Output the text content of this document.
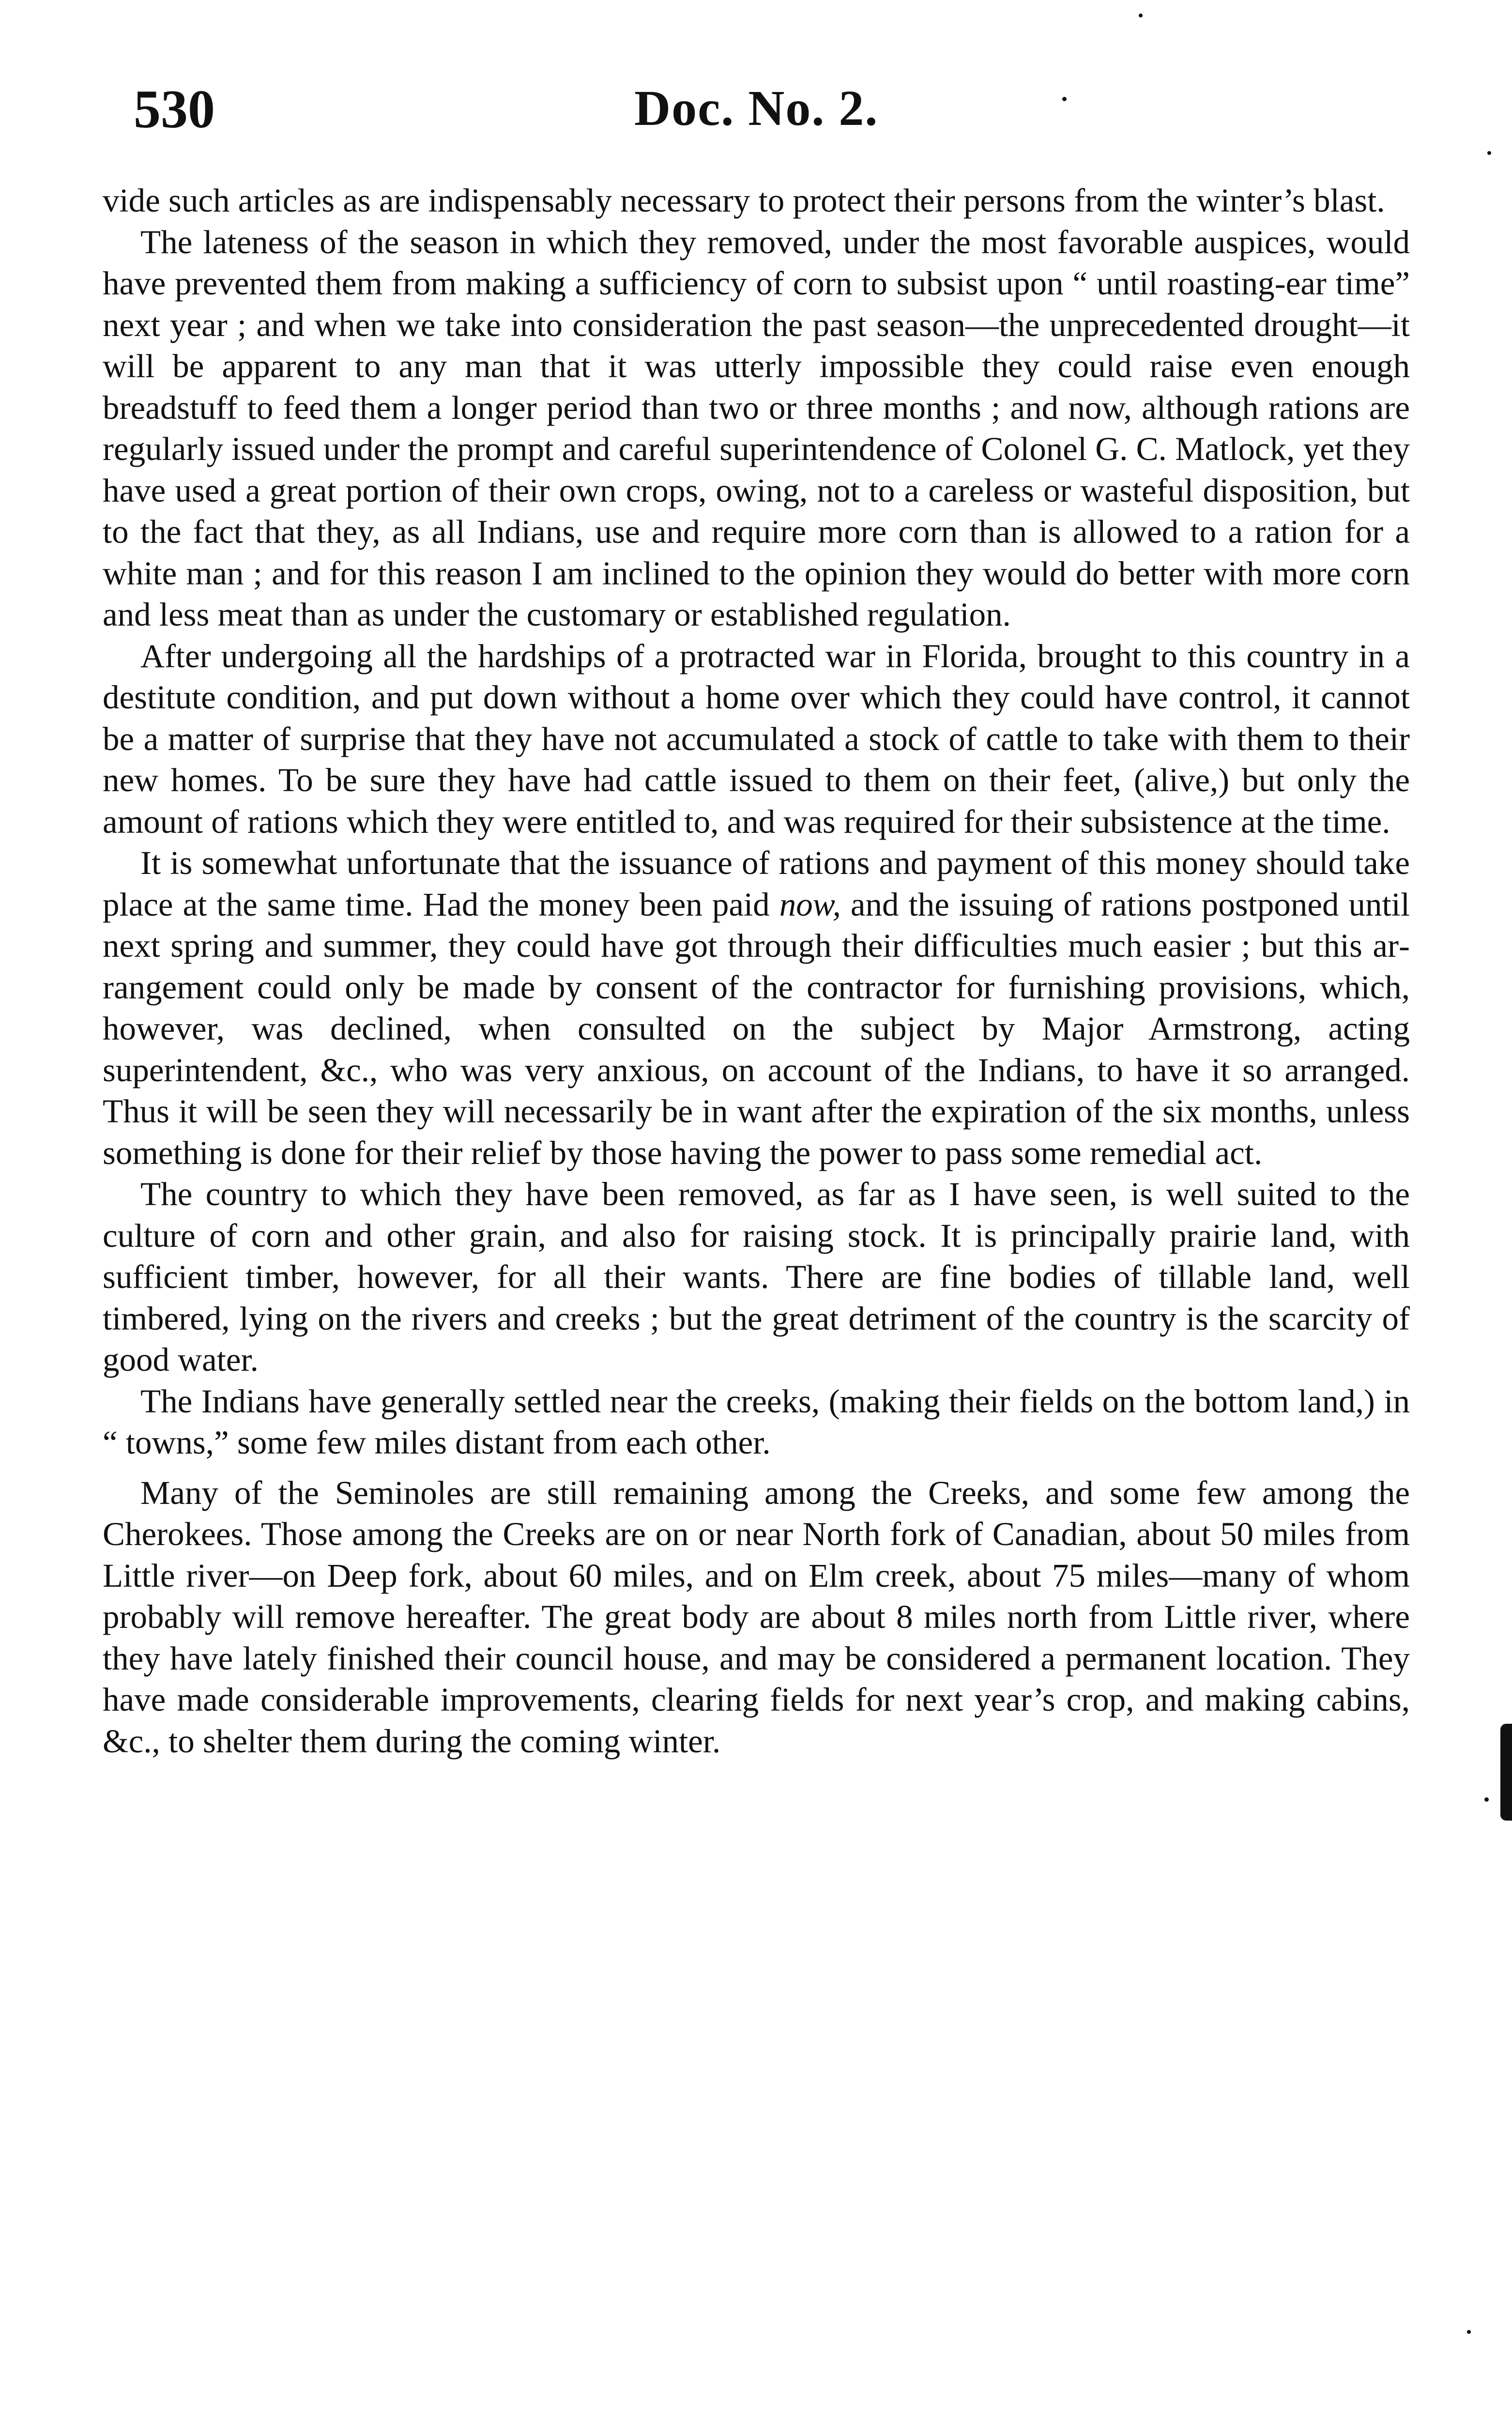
530	Doc. No. 2.

vide such articles as are indispensably necessary to protect their persons from the winter’s blast.

The lateness of the season in which they removed, under the most favorable auspices, would have prevented them from making a sufficiency of corn to subsist upon “ until roasting-ear time” next year ; and when we take into consideration the past season—the unprecedented drought—it will be apparent to any man that it was utterly impossible they could raise even enough breadstuff to feed them a longer period than two or three months ; and now, although rations are regularly issued under the prompt and careful superintendence of Colonel G. C. Matlock, yet they have used a great portion of their own crops, owing, not to a careless or wasteful disposition, but to the fact that they, as all Indians, use and require more corn than is allowed to a ration for a white man ; and for this reason I am inclined to the opinion they would do better with more corn and less meat than as under the customary or established regulation.

After undergoing all the hardships of a protracted war in Florida, brought to this country in a destitute condition, and put down without a home over which they could have control, it cannot be a matter of surprise that they have not accumulated a stock of cattle to take with them to their new homes. To be sure they have had cattle issued to them on their feet, (alive,) but only the amount of rations which they were entitled to, and was required for their subsistence at the time.

It is somewhat unfortunate that the issuance of rations and payment of this money should take place at the same time. Had the money been paid now, and the issuing of rations postponed until next spring and summer, they could have got through their difficulties much easier ; but this arrangement could only be made by consent of the contractor for furnishing provisions, which, however, was declined, when consulted on the subject by Major Armstrong, acting superintendent, &c., who was very anxious, on account of the Indians, to have it so arranged. Thus it will be seen they will necessarily be in want after the expiration of the six months, unless something is done for their relief by those having the power to pass some remedial act.

The country to which they have been removed, as far as I have seen, is well suited to the culture of corn and other grain, and also for raising stock. It is principally prairie land, with sufficient timber, however, for all their wants. There are fine bodies of tillable land, well timbered, lying on the rivers and creeks ; but the great detriment of the country is the scarcity of good water.

The Indians have generally settled near the creeks, (making their fields on the bottom land,) in “ towns,” some few miles distant from each other.

Many of the Seminoles are still remaining among the Creeks, and some few among the Cherokees. Those among the Creeks are on or near North fork of Canadian, about 50 miles from Little river—on Deep fork, about 60 miles, and on Elm creek, about 75 miles—many of whom probably will remove hereafter. The great body are about 8 miles north from Little river, where they have lately finished their council house, and may be considered a permanent location. They have made considerable improvements, clearing fields for next year’s crop, and making cabins, &c., to shelter them during the coming winter.
